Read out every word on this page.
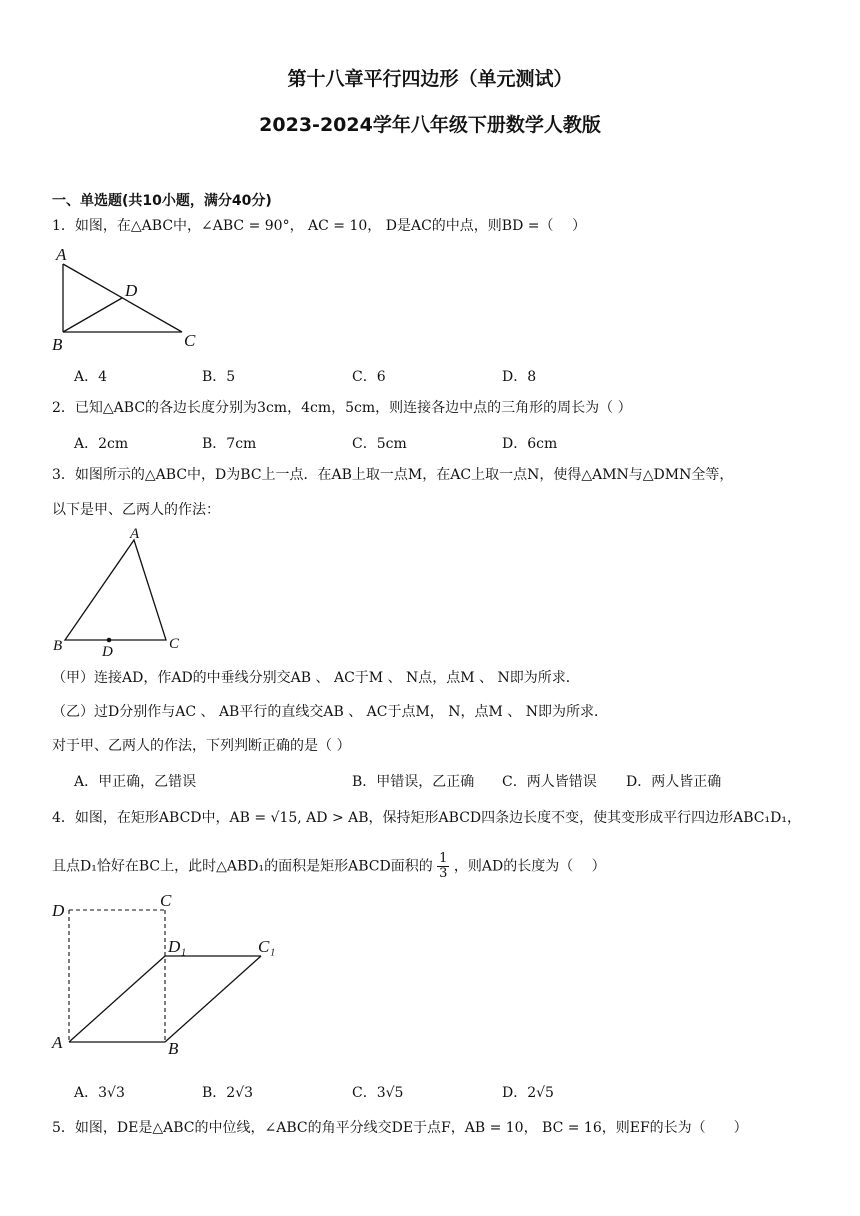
第十八章平行四边形（单元测试）
2023-2024学年八年级下册数学人教版
一、单选题(共10小题，满分40分)
1．如图，在△ABC中，∠ABC = 90°， AC = 10， D是AC的中点，则BD =（　 ）
A
D
B	C
A．4	B．5	C．6	D．8
2．已知△ABC的各边长度分别为3cm，4cm，5cm，则连接各边中点的三角形的周长为（ ）
A．2cm	B．7cm	C．5cm	D．6cm
3．如图所示的△ABC中，D为BC上一点．在AB上取一点M，在AC上取一点N，使得△AMN与△DMN全等，
以下是甲、乙两人的作法：
A
B	C
D
（甲）连接AD，作AD的中垂线分别交AB 、 AC于M 、 N点，点M 、 N即为所求．
（乙）过D分别作与AC 、 AB平行的直线交AB 、 AC于点M， N，点M 、 N即为所求．
对于甲、乙两人的作法，下列判断正确的是（ ）
A．甲正确，乙错误	B．甲错误，乙正确 C．两人皆错误 D．两人皆正确
4．如图，在矩形ABCD中，AB = √15, AD > AB，保持矩形ABCD四条边长度不变，使其变形成平行四边形ABC₁D₁，
且点D₁恰好在BC上，此时△ABD₁的面积是矩形ABCD面积的 $\frac{1}{3}$ ，则AD的长度为（　 ）
D
C
D₁	C₁
A	B
A．3√3	B．2√3	C．3√5	D．2√5
5．如图，DE是△ABC的中位线，∠ABC的角平分线交DE于点F，AB = 10， BC = 16，则EF的长为（　　）
